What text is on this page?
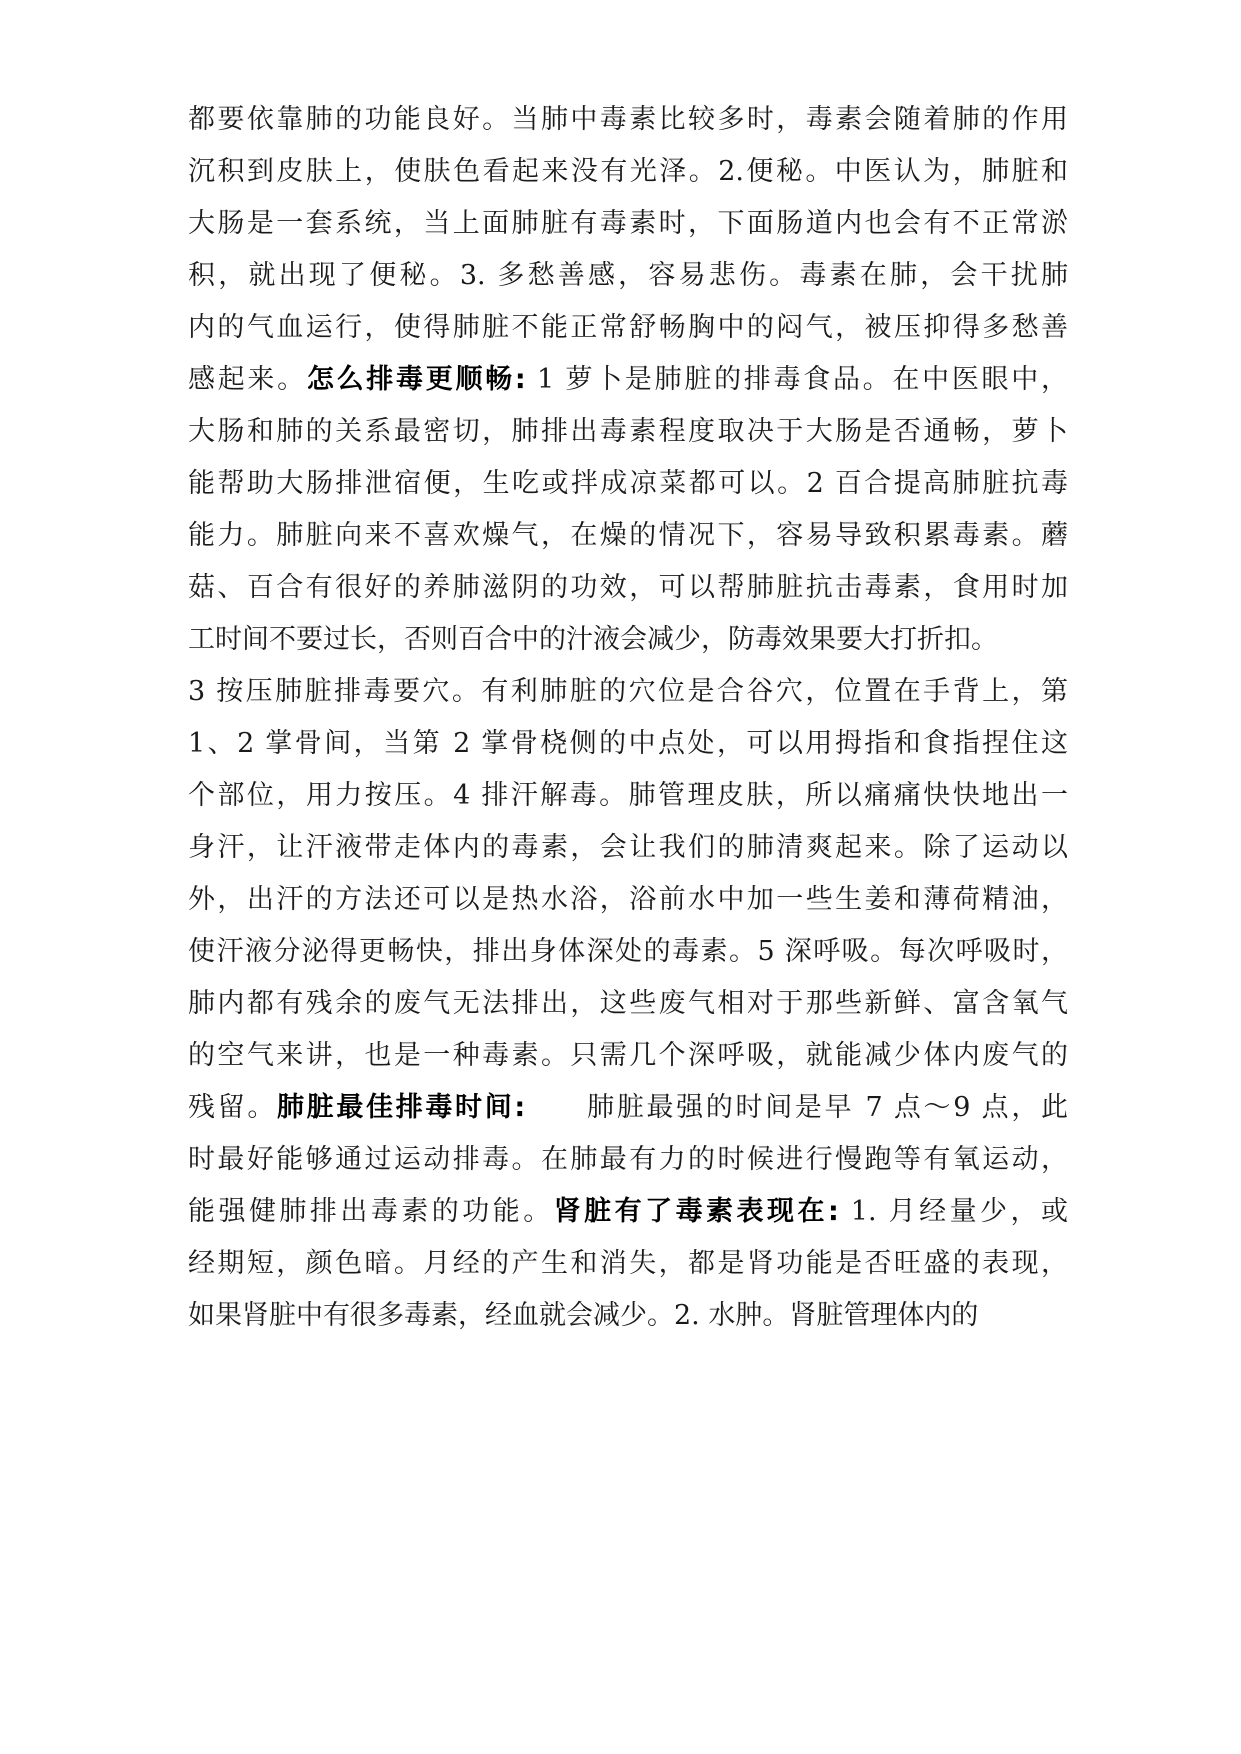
都要依靠肺的功能良好。当肺中毒素比较多时，毒素会随着肺的作用
沉积到皮肤上，使肤色看起来没有光泽。2.便秘。中医认为，肺脏和
大肠是一套系统，当上面肺脏有毒素时，下面肠道内也会有不正常淤
积，就出现了便秘。3. 多愁善感，容易悲伤。毒素在肺，会干扰肺
内的气血运行，使得肺脏不能正常舒畅胸中的闷气，被压抑得多愁善
感起来。怎么排毒更顺畅: 1 萝卜是肺脏的排毒食品。在中医眼中，
大肠和肺的关系最密切，肺排出毒素程度取决于大肠是否通畅，萝卜
能帮助大肠排泄宿便，生吃或拌成凉菜都可以。2 百合提高肺脏抗毒
能力。肺脏向来不喜欢燥气，在燥的情况下，容易导致积累毒素。蘑
菇、百合有很好的养肺滋阴的功效，可以帮肺脏抗击毒素，食用时加
工时间不要过长，否则百合中的汁液会减少，防毒效果要大打折扣。
3 按压肺脏排毒要穴。有利肺脏的穴位是合谷穴，位置在手背上，第
1、2 掌骨间，当第 2 掌骨桡侧的中点处，可以用拇指和食指捏住这
个部位，用力按压。4 排汗解毒。肺管理皮肤，所以痛痛快快地出一
身汗，让汗液带走体内的毒素，会让我们的肺清爽起来。除了运动以
外，出汗的方法还可以是热水浴，浴前水中加一些生姜和薄荷精油，
使汗液分泌得更畅快，排出身体深处的毒素。5 深呼吸。每次呼吸时，
肺内都有残余的废气无法排出，这些废气相对于那些新鲜、富含氧气
的空气来讲，也是一种毒素。只需几个深呼吸，就能减少体内废气的
残留。肺脏最佳排毒时间:　　肺脏最强的时间是早 7 点～9 点，此
时最好能够通过运动排毒。在肺最有力的时候进行慢跑等有氧运动，
能强健肺排出毒素的功能。肾脏有了毒素表现在: 1. 月经量少，或
经期短，颜色暗。月经的产生和消失，都是肾功能是否旺盛的表现，
如果肾脏中有很多毒素，经血就会减少。2. 水肿。肾脏管理体内的
